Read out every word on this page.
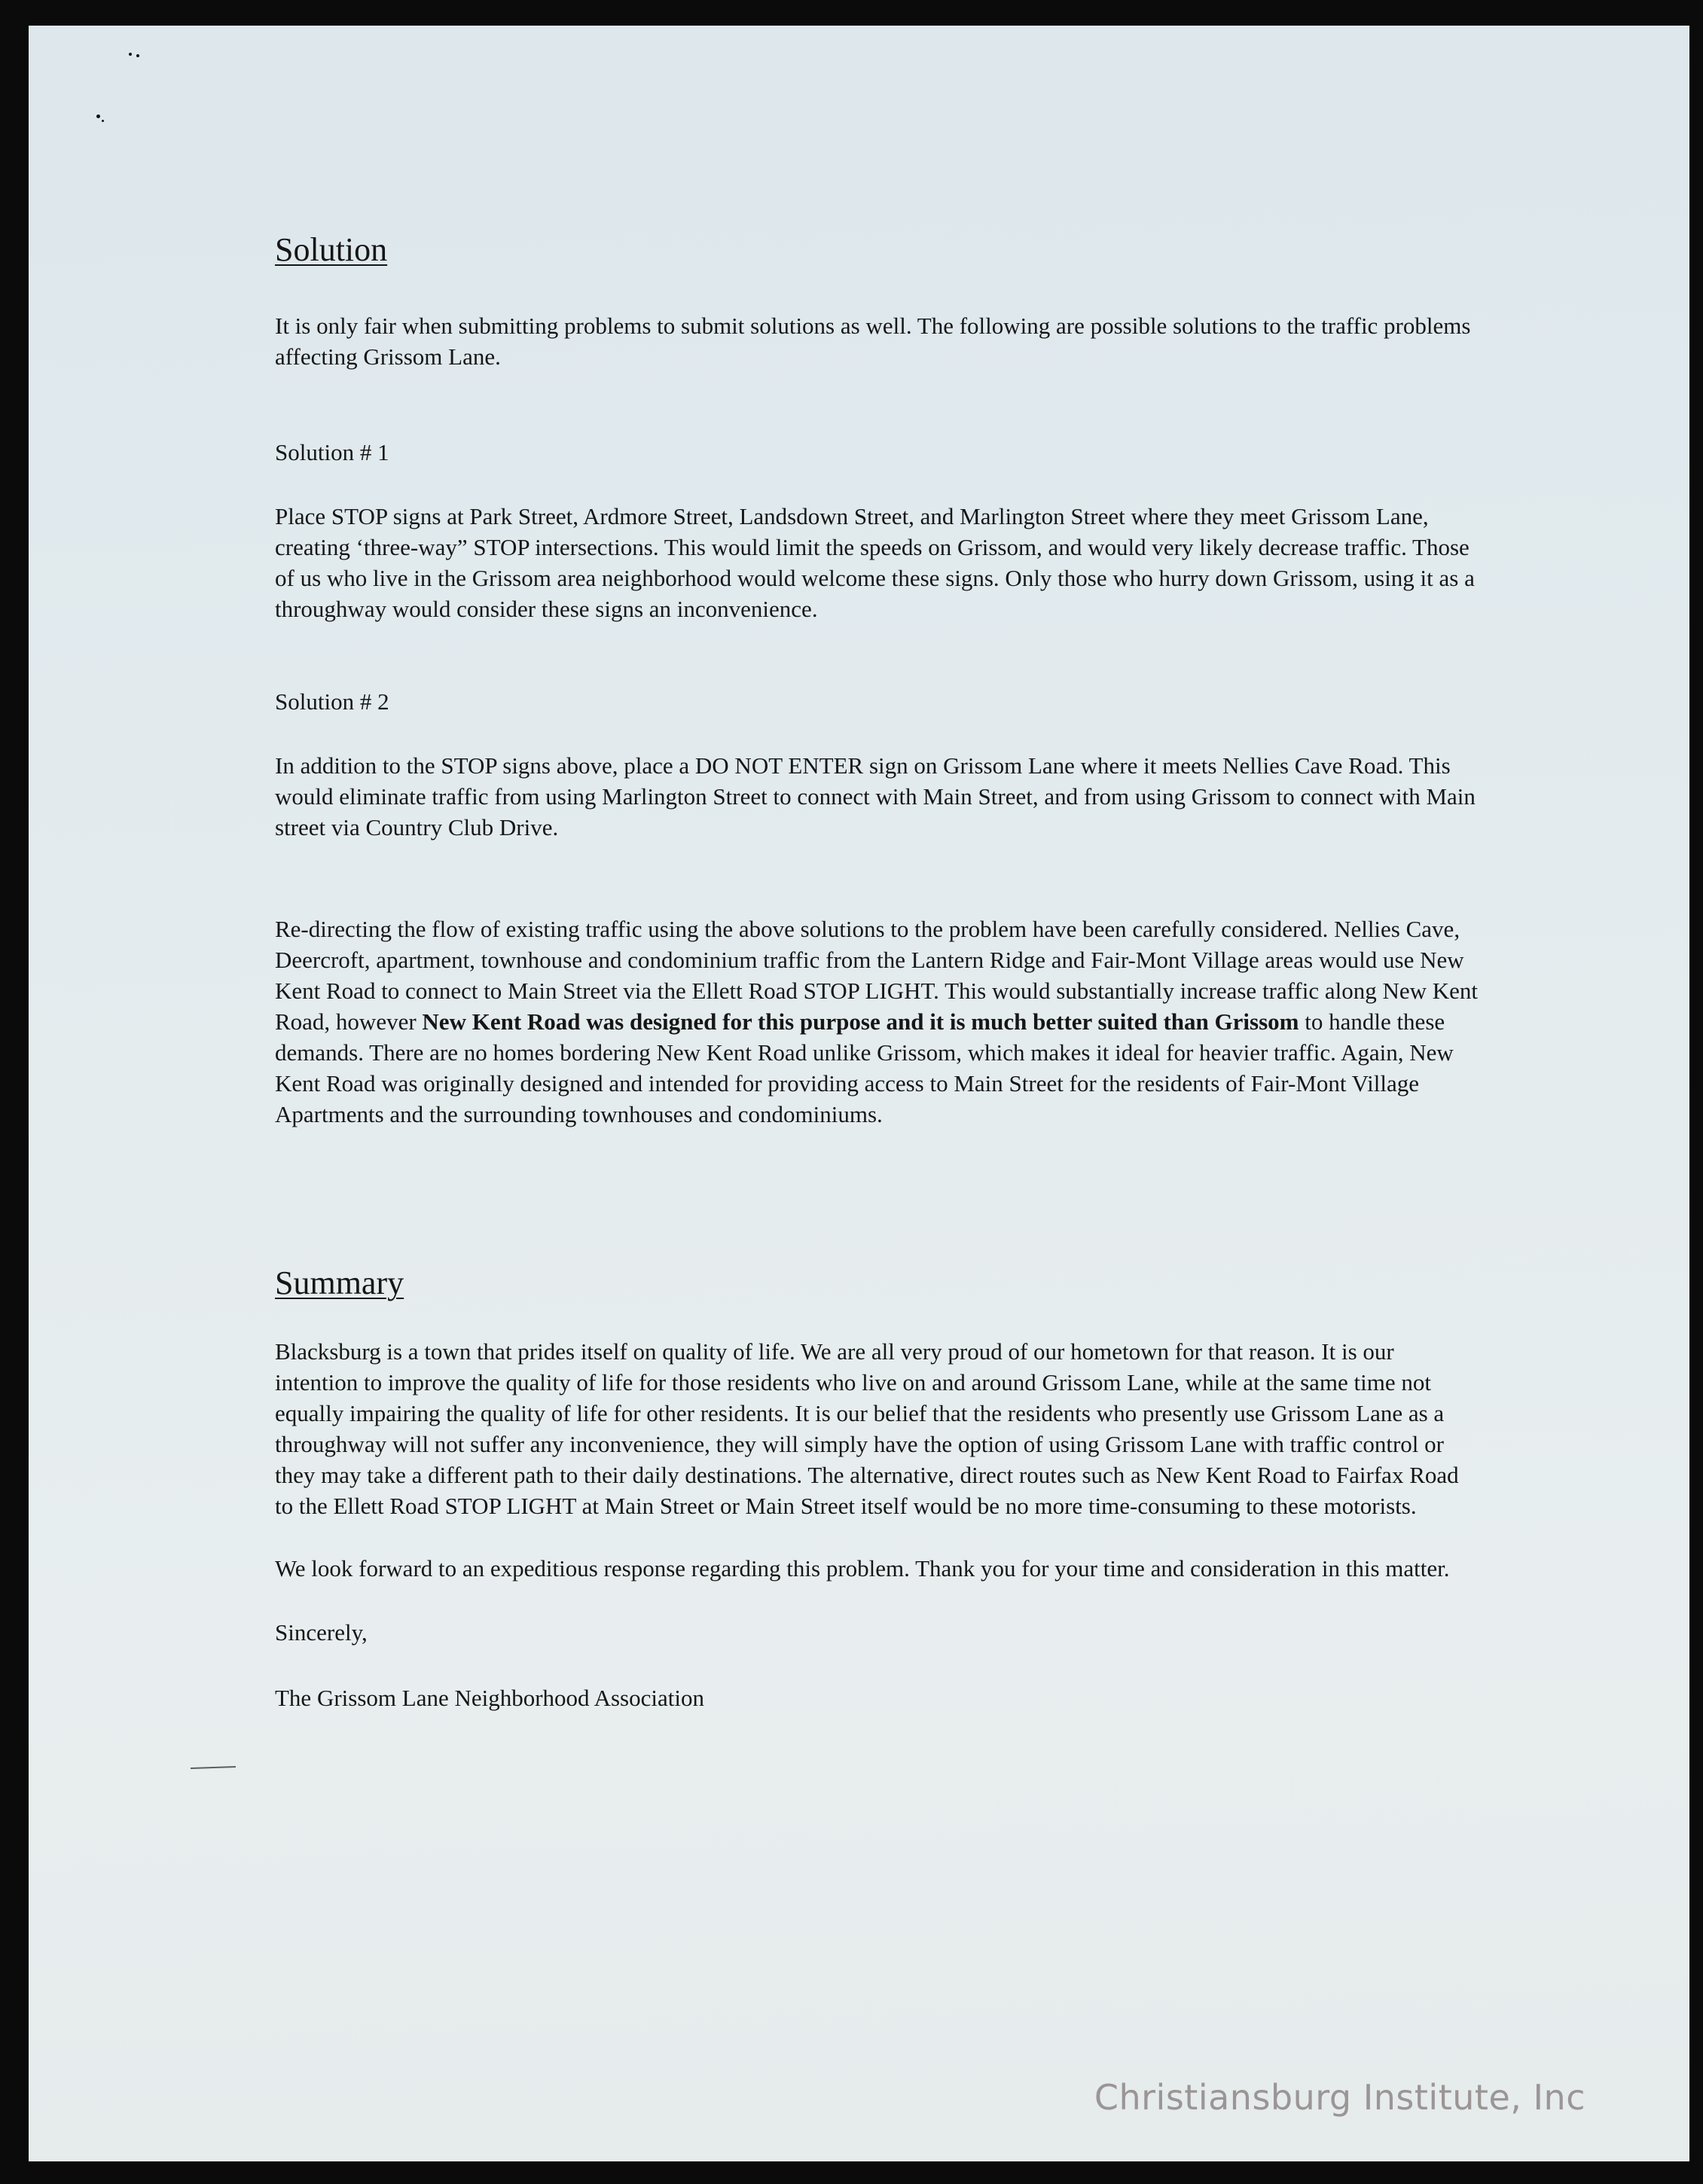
Solution

It is only fair when submitting problems to submit solutions as well. The following are possible solutions to the traffic problems affecting Grissom Lane.

Solution # 1

Place STOP signs at Park Street, Ardmore Street, Landsdown Street, and Marlington Street where they meet Grissom Lane, creating ‘three-way” STOP intersections. This would limit the speeds on Grissom, and would very likely decrease traffic. Those of us who live in the Grissom area neighborhood would welcome these signs. Only those who hurry down Grissom, using it as a throughway would consider these signs an inconvenience.

Solution # 2

In addition to the STOP signs above, place a DO NOT ENTER sign on Grissom Lane where it meets Nellies Cave Road. This would eliminate traffic from using Marlington Street to connect with Main Street, and from using Grissom to connect with Main street via Country Club Drive.

Re-directing the flow of existing traffic using the above solutions to the problem have been carefully considered. Nellies Cave, Deercroft, apartment, townhouse and condominium traffic from the Lantern Ridge and Fair-Mont Village areas would use New Kent Road to connect to Main Street via the Ellett Road STOP LIGHT. This would substantially increase traffic along New Kent Road, however New Kent Road was designed for this purpose and it is much better suited than Grissom to handle these demands. There are no homes bordering New Kent Road unlike Grissom, which makes it ideal for heavier traffic. Again, New Kent Road was originally designed and intended for providing access to Main Street for the residents of Fair-Mont Village Apartments and the surrounding townhouses and condominiums.

Summary

Blacksburg is a town that prides itself on quality of life. We are all very proud of our hometown for that reason. It is our intention to improve the quality of life for those residents who live on and around Grissom Lane, while at the same time not equally impairing the quality of life for other residents. It is our belief that the residents who presently use Grissom Lane as a throughway will not suffer any inconvenience, they will simply have the option of using Grissom Lane with traffic control or they may take a different path to their daily destinations. The alternative, direct routes such as New Kent Road to Fairfax Road to the Ellett Road STOP LIGHT at Main Street or Main Street itself would be no more time-consuming to these motorists.

We look forward to an expeditious response regarding this problem. Thank you for your time and consideration in this matter.

Sincerely,

The Grissom Lane Neighborhood Association

Christiansburg Institute, Inc
